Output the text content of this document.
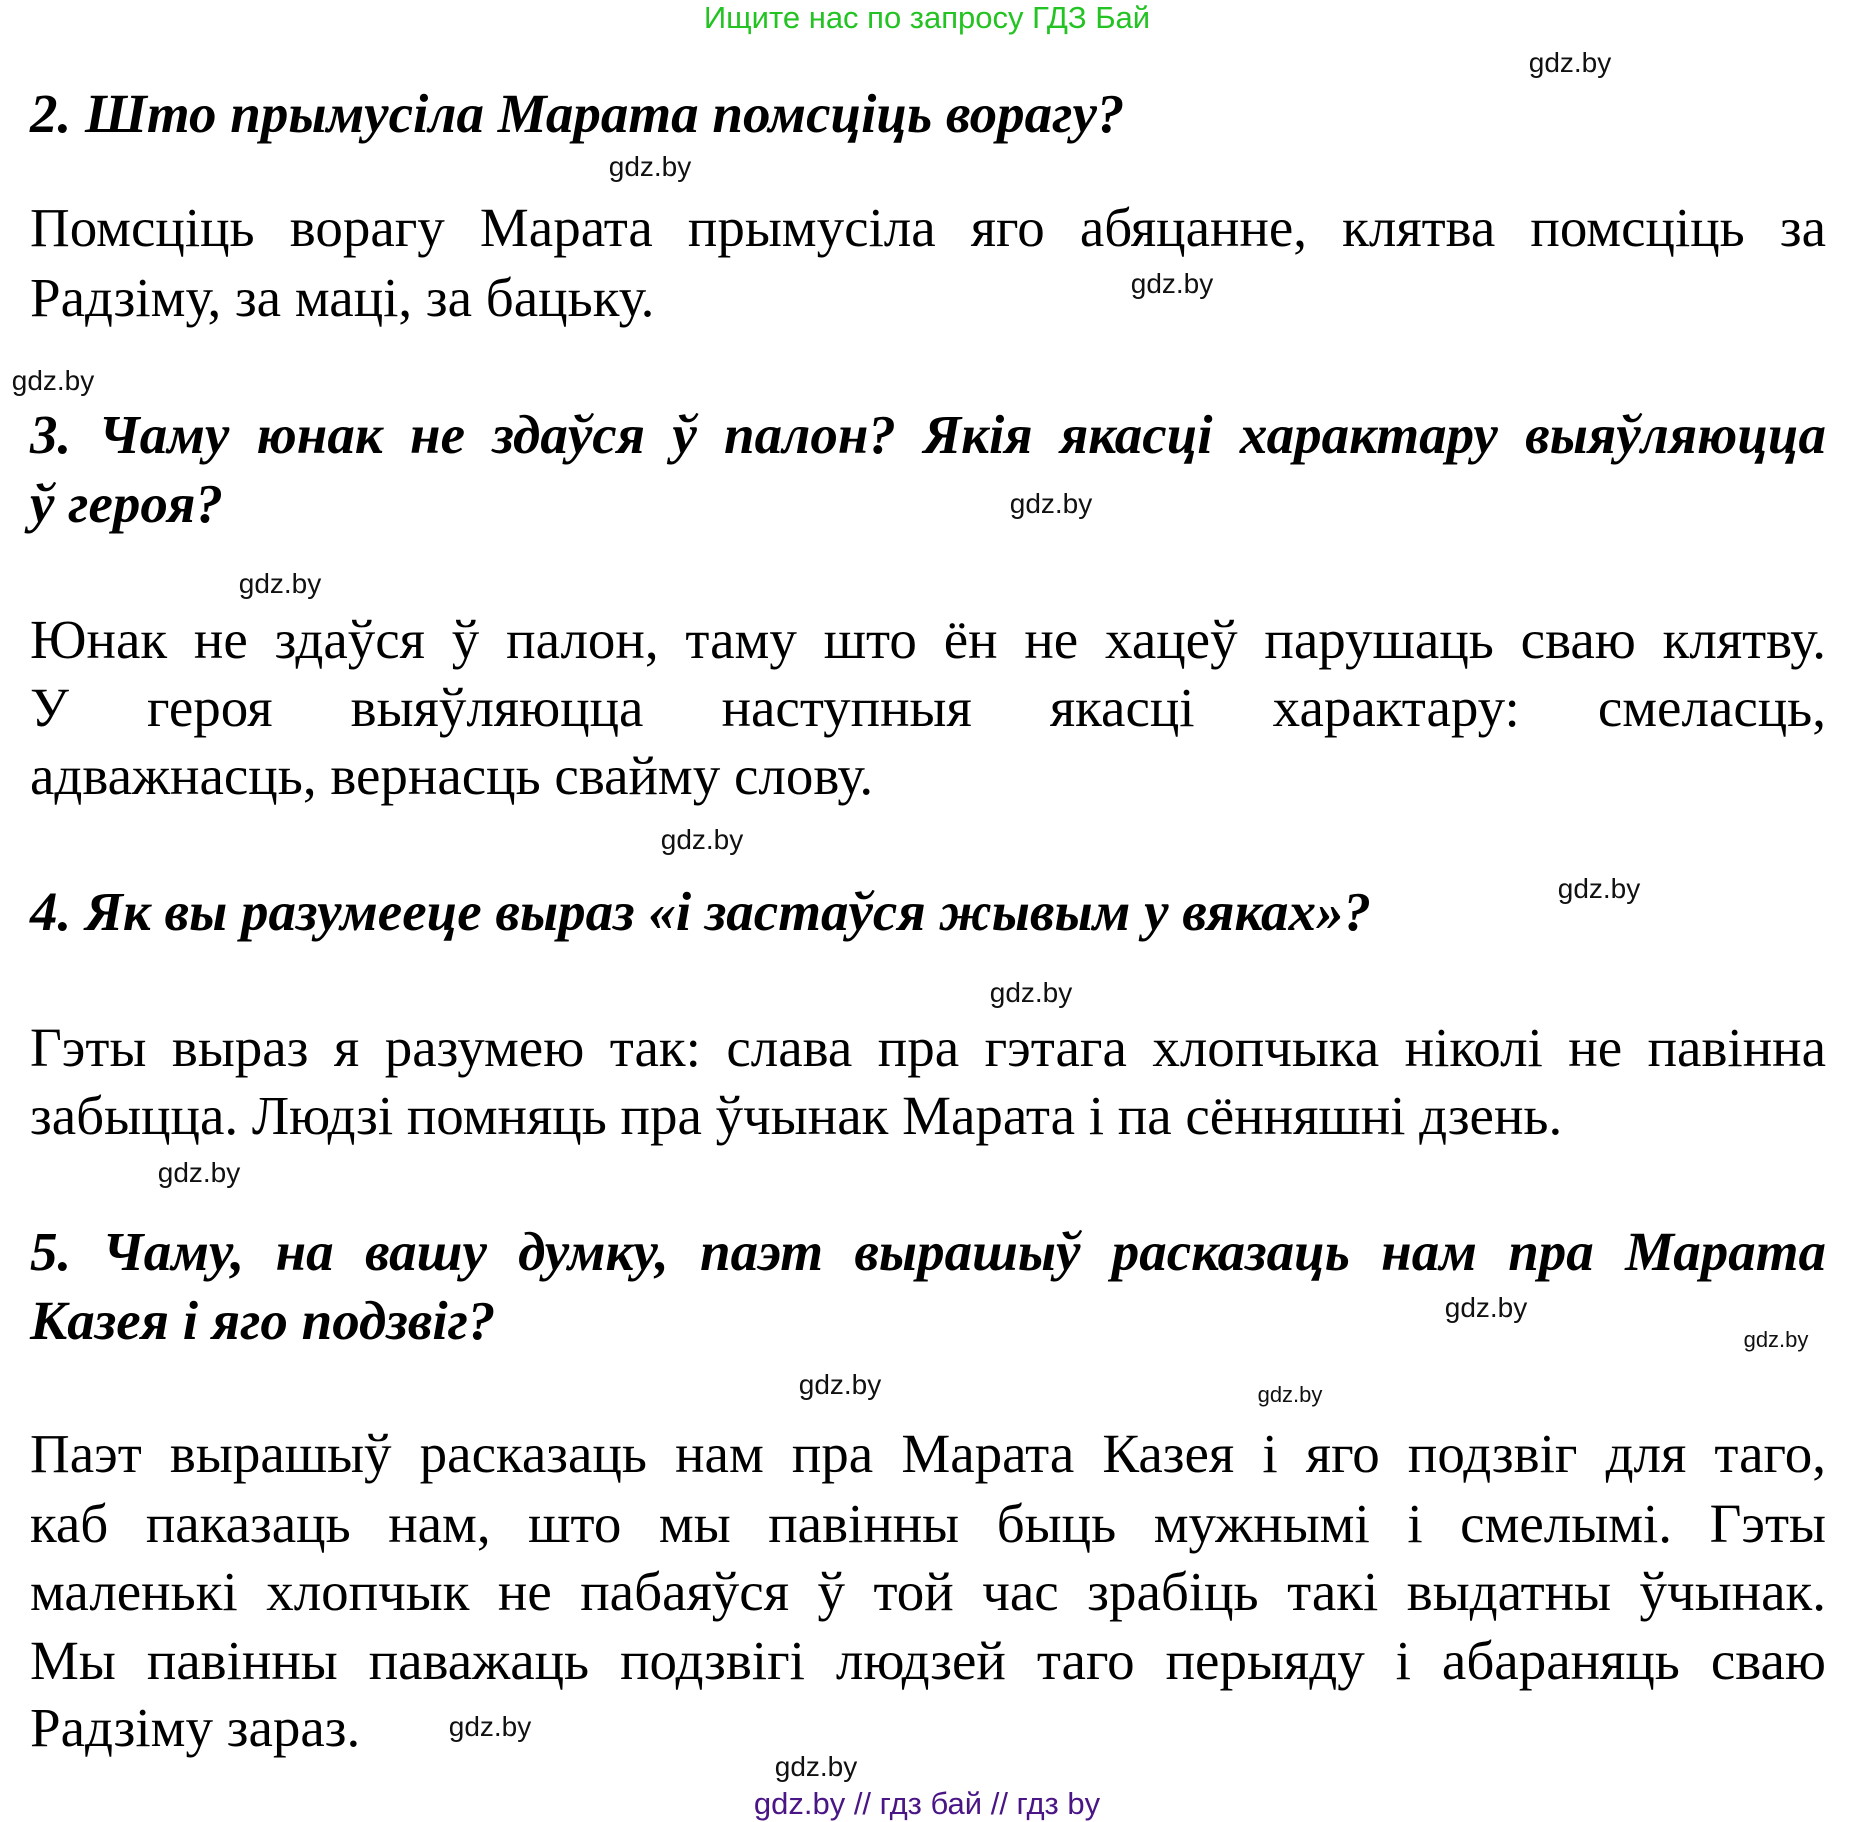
Ищите нас по запросу ГДЗ Бай
2. Што прымусіла Марата помсціць ворагу?
Помсціць ворагу Марата прымусіла яго абяцанне, клятва помсціць за
Радзіму, за маці, за бацьку.
3. Чаму юнак не здаўся ў палон? Якія якасці характару выяўляюцца
ў героя?
Юнак не здаўся ў палон, таму што ён не хацеў парушаць сваю клятву.
У героя выяўляюцца наступныя якасці характару: смеласць,
адважнасць, вернасць свайму слову.
4. Як вы разумееце выраз «і застаўся жывым у вяках»?
Гэты выраз я разумею так: слава пра гэтага хлопчыка ніколі не павінна
забыцца. Людзі помняць пра ўчынак Марата і па сённяшні дзень.
5. Чаму, на вашу думку, паэт вырашыў расказаць нам пра Марата
Казея і яго подзвіг?
Паэт вырашыў расказаць нам пра Марата Казея і яго подзвіг для таго,
каб паказаць нам, што мы павінны быць мужнымі і смелымі. Гэты
маленькі хлопчык не пабаяўся ў той час зрабіць такі выдатны ўчынак.
Мы павінны паважаць подзвігі людзей таго перыяду і абараняць сваю
Радзіму зараз.
gdz.by
gdz.by
gdz.by
gdz.by
gdz.by
gdz.by
gdz.by
gdz.by
gdz.by
gdz.by
gdz.by
gdz.by	gdz.by
gdz.by
gdz.by
gdz.by
gdz.by // гдз бай // гдз by
